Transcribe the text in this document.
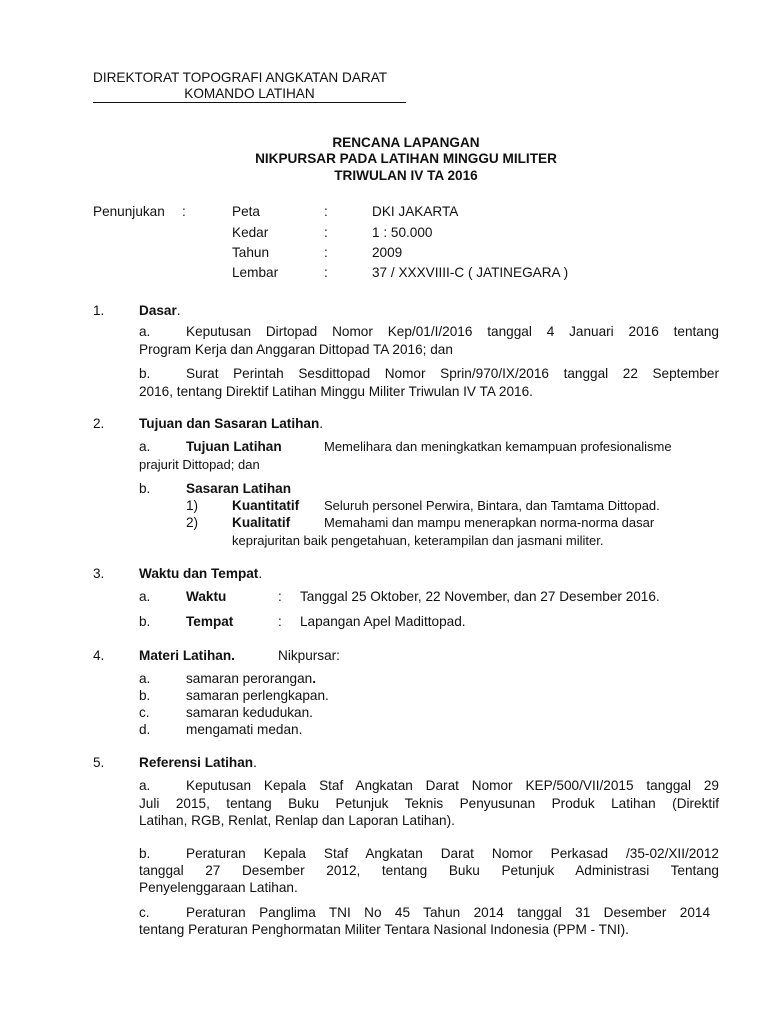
DIREKTORAT TOPOGRAFI ANGKATAN DARAT
KOMANDO LATIHAN
RENCANA LAPANGAN
NIKPURSAR PADA LATIHAN MINGGU MILITER
TRIWULAN IV TA 2016
Penunjukan :	Peta	:	DKI JAKARTA
Kedar	:	1 : 50.000
Tahun	:	2009
Lembar	:	37 / XXXVIIII-C ( JATINEGARA )
1.	Dasar.
a.	Keputusan Dirtopad Nomor Kep/01/I/2016 tanggal 4 Januari 2016 tentang
Program Kerja dan Anggaran Dittopad TA 2016; dan
b.	Surat Perintah Sesdittopad Nomor Sprin/970/IX/2016 tanggal 22 September
2016, tentang Direktif Latihan Minggu Militer Triwulan IV TA 2016.
2.	Tujuan dan Sasaran Latihan.
a.	Tujuan Latihan	Memelihara dan meningkatkan kemampuan profesionalisme
prajurit Dittopad; dan
b.	Sasaran Latihan
1) Kuantitatif Seluruh personel Perwira, Bintara, dan Tamtama Dittopad.
2) Kualitatif	Memahami dan mampu menerapkan norma-norma dasar
keprajuritan baik pengetahuan, keterampilan dan jasmani militer.
3.	Waktu dan Tempat.
a.	Waktu	: Tanggal 25 Oktober, 22 November, dan 27 Desember 2016.
b.	Tempat	: Lapangan Apel Madittopad.
4.	Materi Latihan.	Nikpursar:
a.	samaran perorangan.
b.	samaran perlengkapan.
c.	samaran kedudukan.
d.	mengamati medan.
5.	Referensi Latihan.
a.	Keputusan Kepala Staf Angkatan Darat Nomor KEP/500/VII/2015 tanggal 29
Juli 2015, tentang Buku Petunjuk Teknis Penyusunan Produk Latihan (Direktif
Latihan, RGB, Renlat, Renlap dan Laporan Latihan).
b.	Peraturan Kepala Staf Angkatan Darat Nomor Perkasad /35-02/XII/2012
tanggal 27 Desember 2012, tentang Buku Petunjuk Administrasi Tentang
Penyelenggaraan Latihan.
c.	Peraturan Panglima TNI No 45 Tahun 2014 tanggal 31 Desember 2014
tentang Peraturan Penghormatan Militer Tentara Nasional Indonesia (PPM - TNI).
